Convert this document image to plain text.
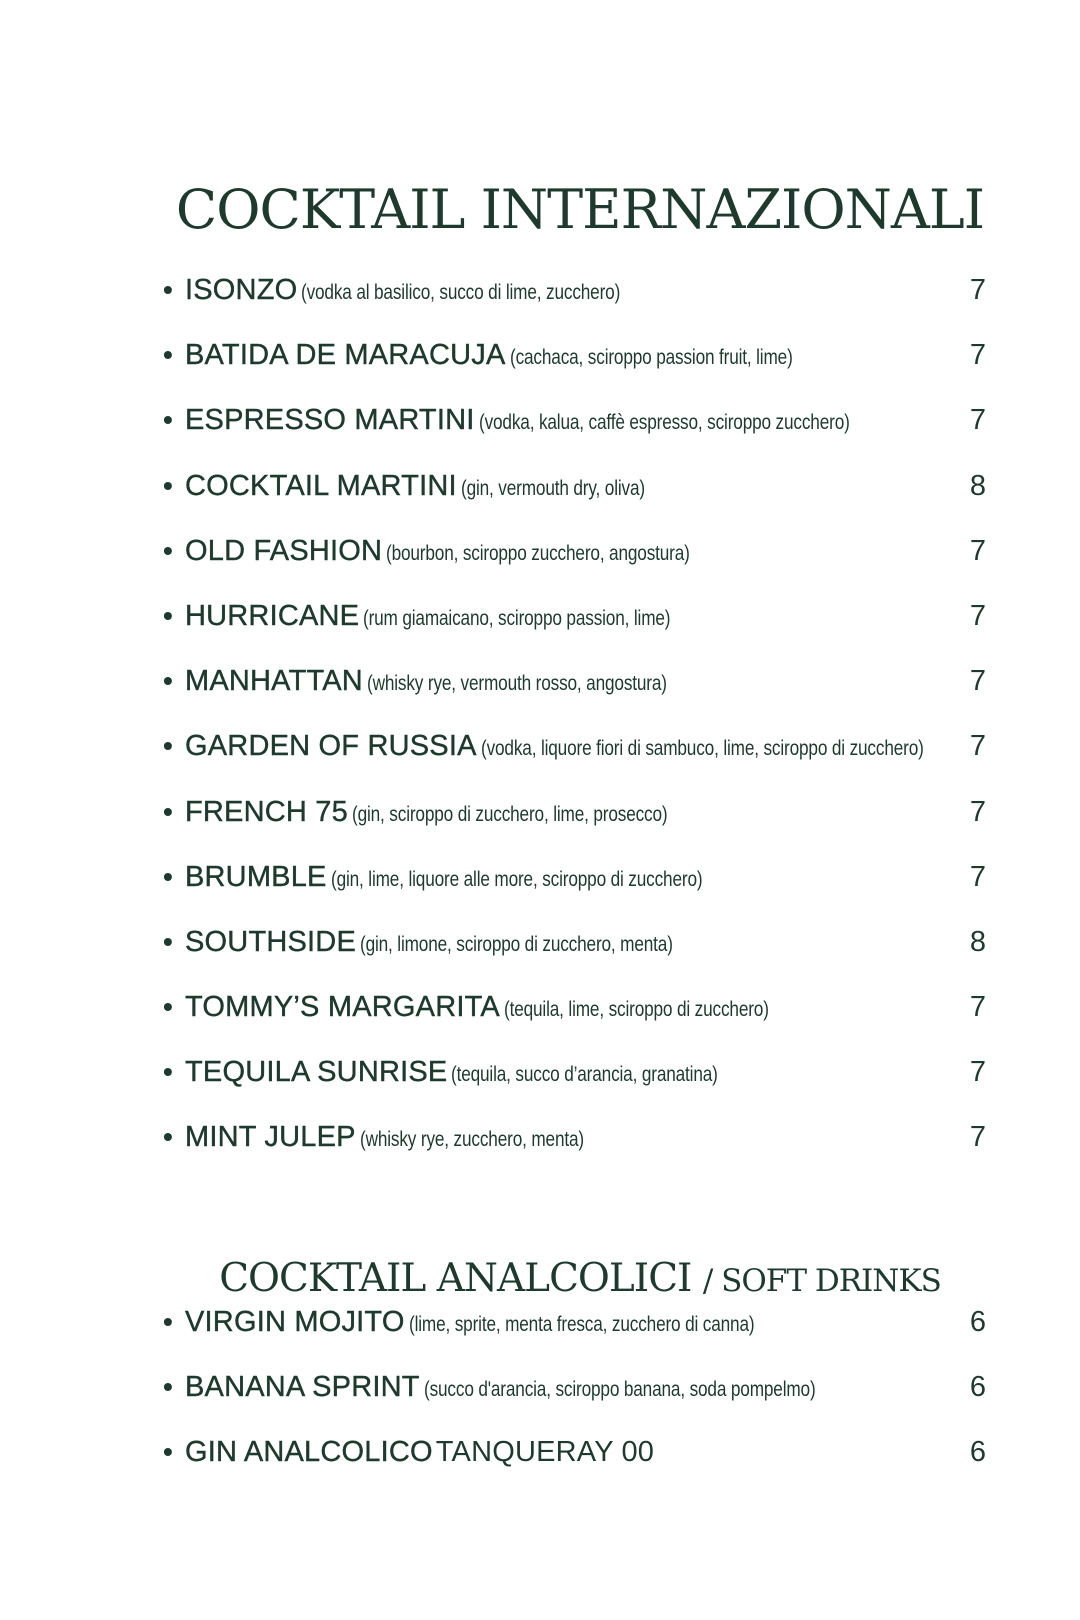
COCKTAIL INTERNAZIONALI
• ISONZO (vodka al basilico, succo di lime, zucchero)	7
• BATIDA DE MARACUJA (cachaca, sciroppo passion fruit, lime)	7
• ESPRESSO MARTINI (vodka, kalua, caffè espresso, sciroppo zucchero)	7
• COCKTAIL MARTINI (gin, vermouth dry, oliva)	8
• OLD FASHION (bourbon, sciroppo zucchero, angostura)	7
• HURRICANE (rum giamaicano, sciroppo passion, lime)	7
• MANHATTAN (whisky rye, vermouth rosso, angostura)	7
• GARDEN OF RUSSIA (vodka, liquore fiori di sambuco, lime, sciroppo di zucchero) 7
• FRENCH 75 (gin, sciroppo di zucchero, lime, prosecco)	7
• BRUMBLE (gin, lime, liquore alle more, sciroppo di zucchero)	7
• SOUTHSIDE (gin, limone, sciroppo di zucchero, menta)	8
• TOMMY’S MARGARITA (tequila, lime, sciroppo di zucchero)	7
• TEQUILA SUNRISE (tequila, succo d’arancia, granatina)	7
• MINT JULEP (whisky rye, zucchero, menta)	7
COCKTAIL ANALCOLICI / SOFT DRINKS
• VIRGIN MOJITO (lime, sprite, menta fresca, zucchero di canna)	6
• BANANA SPRINT (succo d'arancia, sciroppo banana, soda pompelmo)	6
• GIN ANALCOLICO TANQUERAY 00	6
